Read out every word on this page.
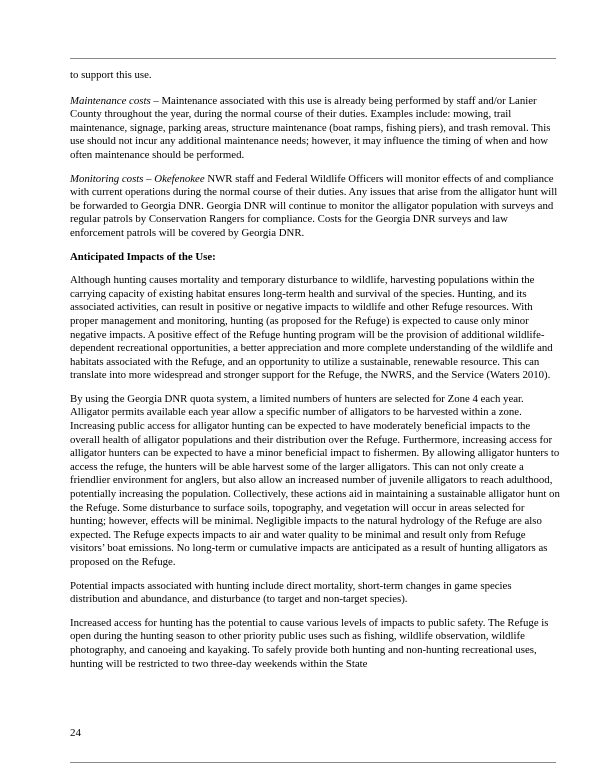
to support this use.

Maintenance costs – Maintenance associated with this use is already being performed by staff and/or Lanier County throughout the year, during the normal course of their duties. Examples include: mowing, trail maintenance, signage, parking areas, structure maintenance (boat ramps, fishing piers), and trash removal. This use should not incur any additional maintenance needs; however, it may influence the timing of when and how often maintenance should be performed.

Monitoring costs – Okefenokee NWR staff and Federal Wildlife Officers will monitor effects of and compliance with current operations during the normal course of their duties. Any issues that arise from the alligator hunt will be forwarded to Georgia DNR. Georgia DNR will continue to monitor the alligator population with surveys and regular patrols by Conservation Rangers for compliance. Costs for the Georgia DNR surveys and law enforcement patrols will be covered by Georgia DNR.

Anticipated Impacts of the Use:

Although hunting causes mortality and temporary disturbance to wildlife, harvesting populations within the carrying capacity of existing habitat ensures long-term health and survival of the species. Hunting, and its associated activities, can result in positive or negative impacts to wildlife and other Refuge resources. With proper management and monitoring, hunting (as proposed for the Refuge) is expected to cause only minor negative impacts. A positive effect of the Refuge hunting program will be the provision of additional wildlife-dependent recreational opportunities, a better appreciation and more complete understanding of the wildlife and habitats associated with the Refuge, and an opportunity to utilize a sustainable, renewable resource. This can translate into more widespread and stronger support for the Refuge, the NWRS, and the Service (Waters 2010).

By using the Georgia DNR quota system, a limited numbers of hunters are selected for Zone 4 each year. Alligator permits available each year allow a specific number of alligators to be harvested within a zone. Increasing public access for alligator hunting can be expected to have moderately beneficial impacts to the overall health of alligator populations and their distribution over the Refuge. Furthermore, increasing access for alligator hunters can be expected to have a minor beneficial impact to fishermen. By allowing alligator hunters to access the refuge, the hunters will be able harvest some of the larger alligators. This can not only create a friendlier environment for anglers, but also allow an increased number of juvenile alligators to reach adulthood, potentially increasing the population. Collectively, these actions aid in maintaining a sustainable alligator hunt on the Refuge. Some disturbance to surface soils, topography, and vegetation will occur in areas selected for hunting; however, effects will be minimal. Negligible impacts to the natural hydrology of the Refuge are also expected. The Refuge expects impacts to air and water quality to be minimal and result only from Refuge visitors’ boat emissions. No long-term or cumulative impacts are anticipated as a result of hunting alligators as proposed on the Refuge.

Potential impacts associated with hunting include direct mortality, short-term changes in game species distribution and abundance, and disturbance (to target and non-target species).

Increased access for hunting has the potential to cause various levels of impacts to public safety. The Refuge is open during the hunting season to other priority public uses such as fishing, wildlife observation, wildlife photography, and canoeing and kayaking. To safely provide both hunting and non-hunting recreational uses, hunting will be restricted to two three-day weekends within the State

24
